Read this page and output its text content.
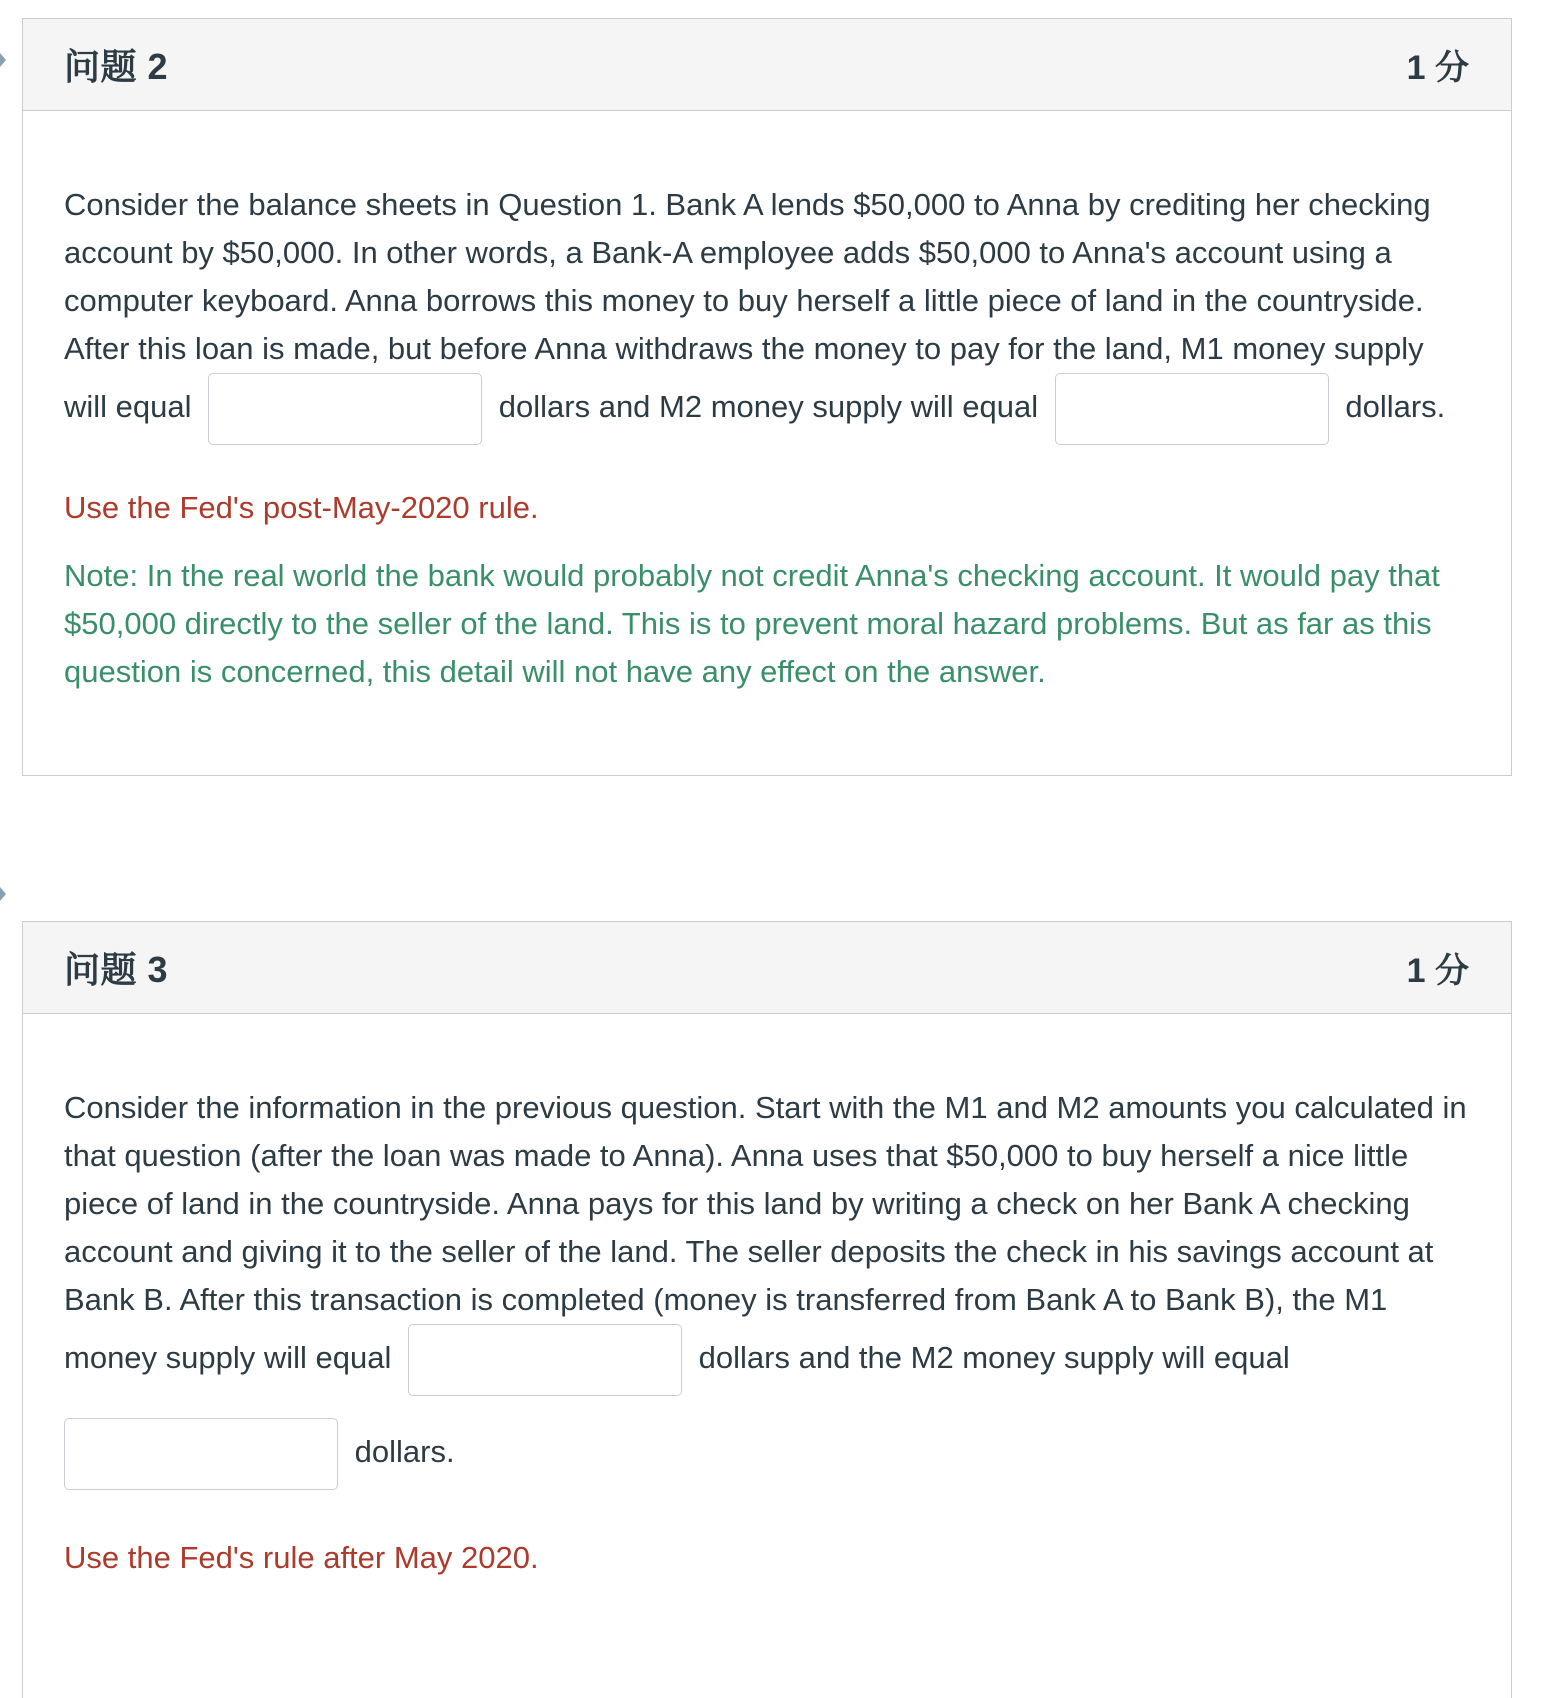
问题 2	1 分

Consider the balance sheets in Question 1. Bank A lends $50,000 to Anna by crediting her checking account by $50,000. In other words, a Bank-A employee adds $50,000 to Anna's account using a computer keyboard. Anna borrows this money to buy herself a little piece of land in the countryside. After this loan is made, but before Anna withdraws the money to pay for the land, M1 money supply will equal	dollars and M2 money supply will equal	dollars.

Use the Fed's post-May-2020 rule.

Note: In the real world the bank would probably not credit Anna's checking account. It would pay that $50,000 directly to the seller of the land. This is to prevent moral hazard problems. But as far as this question is concerned, this detail will not have any effect on the answer.

问题 3	1 分

Consider the information in the previous question. Start with the M1 and M2 amounts you calculated in that question (after the loan was made to Anna). Anna uses that $50,000 to buy herself a nice little piece of land in the countryside. Anna pays for this land by writing a check on her Bank A checking account and giving it to the seller of the land. The seller deposits the check in his savings account at Bank B. After this transaction is completed (money is transferred from Bank A to Bank B), the M1 money supply will equal	dollars and the M2 money supply will equal

dollars.

Use the Fed's rule after May 2020.
